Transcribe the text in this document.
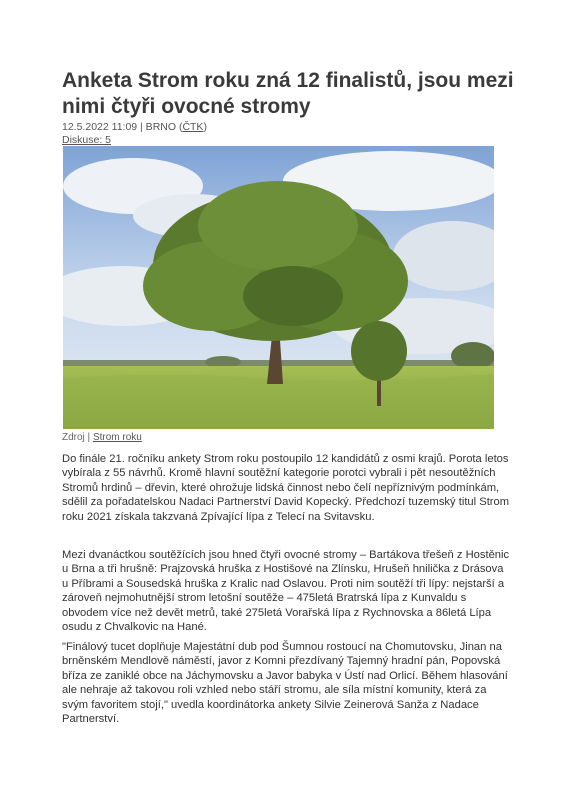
Anketa Strom roku zná 12 finalistů, jsou mezi nimi čtyři ovocné stromy
12.5.2022 11:09 | BRNO (ČTK)
Diskuse: 5
Zdroj | Strom roku

Do finále 21. ročníku ankety Strom roku postoupilo 12 kandidátů z osmi krajů. Porota letos vybírala z 55 návrhů. Kromě hlavní soutěžní kategorie porotci vybrali i pět nesoutěžních Stromů hrdinů – dřevin, které ohrožuje lidská činnost nebo čelí nepříznivým podmínkám, sdělil za pořadatelskou Nadaci Partnerství David Kopecký. Předchozí tuzemský titul Strom roku 2021 získala takzvaná Zpívající lípa z Telecí na Svitavsku.

Mezi dvanáctkou soutěžících jsou hned čtyři ovocné stromy – Bartákova třešeň z Hostěnic u Brna a tři hrušně: Prajzovská hruška z Hostišové na Zlínsku, Hrušeň hnilička z Drásova u Příbrami a Sousedská hruška z Kralic nad Oslavou. Proti nim soutěží tři lípy: nejstarší a zároveň nejmohutnější strom letošní soutěže – 475letá Bratrská lípa z Kunvaldu s obvodem více než devět metrů, také 275letá Vorařská lípa z Rychnovska a 86letá Lípa osudu z Chvalkovic na Hané.

"Finálový tucet doplňuje Majestátní dub pod Šumnou rostoucí na Chomutovsku, Jinan na brněnském Mendlově náměstí, javor z Komni přezdívaný Tajemný hradní pán, Popovská bříza ze zaniklé obce na Jáchymovsku a Javor babyka v Ústí nad Orlicí. Během hlasování ale nehraje až takovou roli vzhled nebo stáří stromu, ale síla místní komunity, která za svým favoritem stojí," uvedla koordinátorka ankety Silvie Zeinerová Sanža z Nadace Partnerství.
